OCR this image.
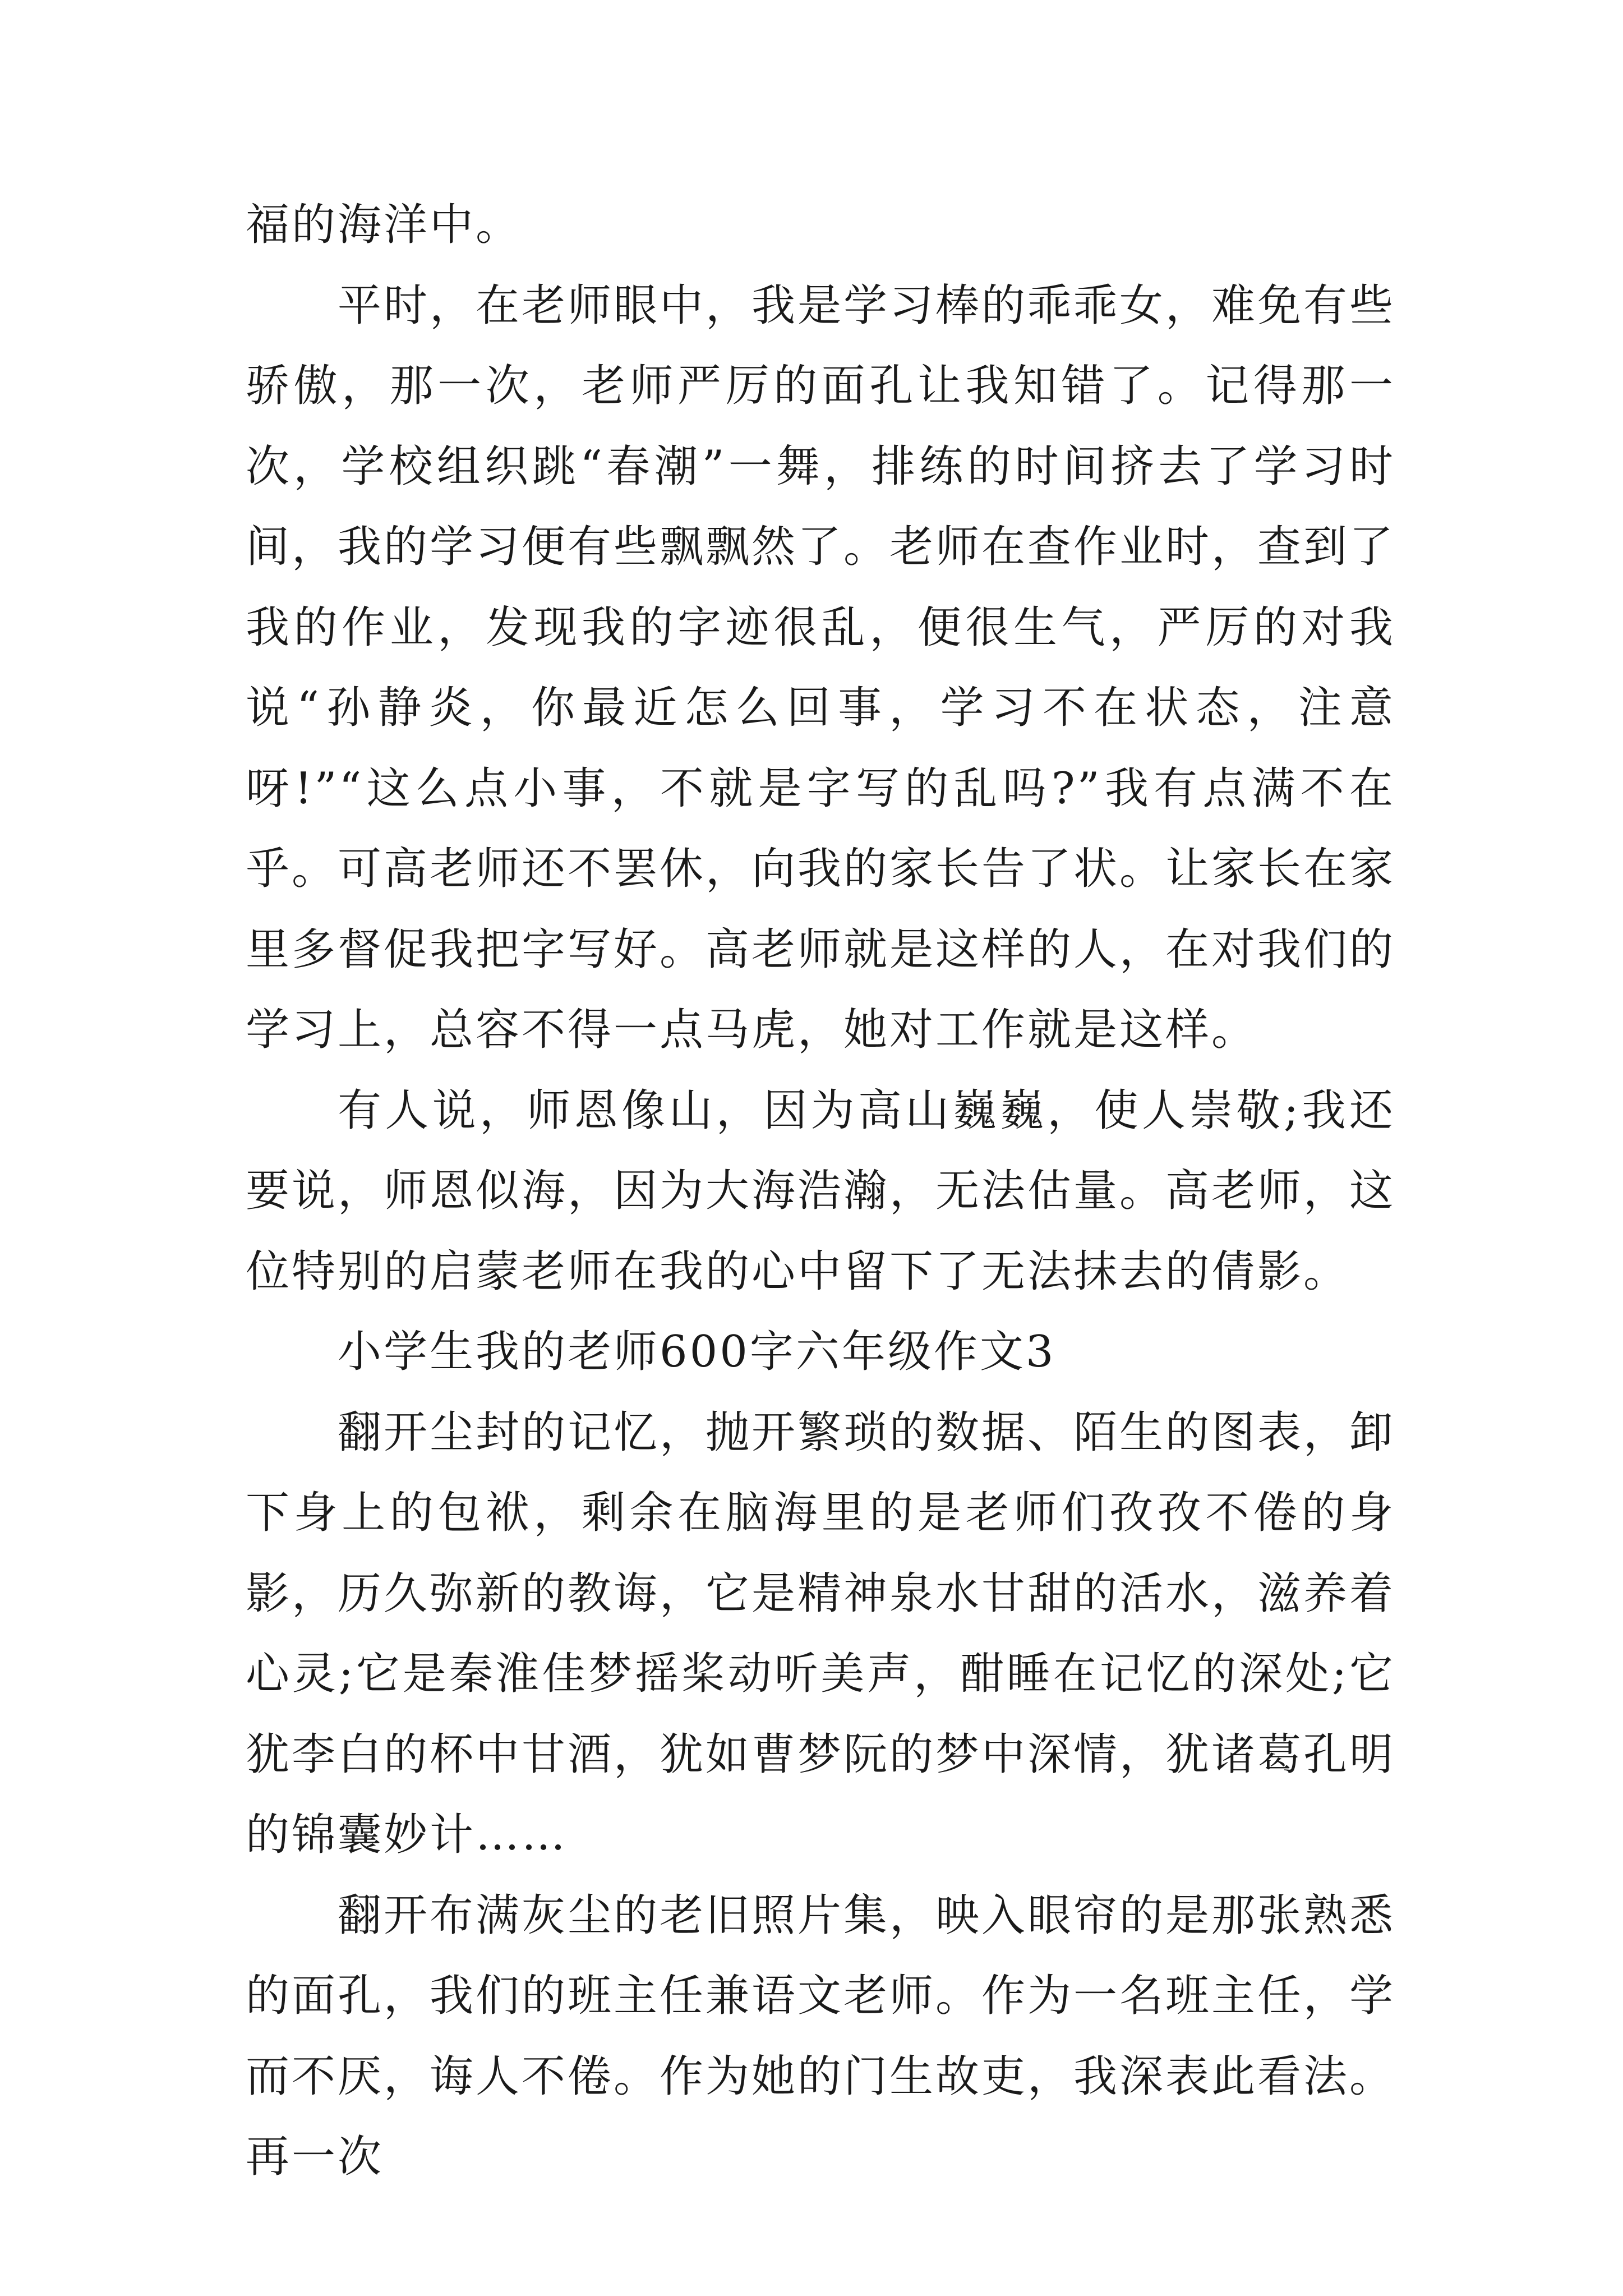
福的海洋中。

平时，在老师眼中，我是学习棒的乖乖女，难免有些骄傲，那一次，老师严厉的面孔让我知错了。记得那一次，学校组织跳“春潮”一舞，排练的时间挤去了学习时间，我的学习便有些飘飘然了。老师在查作业时，查到了我的作业，发现我的字迹很乱，便很生气，严厉的对我说“孙静炎，你最近怎么回事，学习不在状态，注意呀!”“这么点小事，不就是字写的乱吗?”我有点满不在乎。可高老师还不罢休，向我的家长告了状。让家长在家里多督促我把字写好。高老师就是这样的人，在对我们的学习上，总容不得一点马虎，她对工作就是这样。

有人说，师恩像山，因为高山巍巍，使人崇敬;我还要说，师恩似海，因为大海浩瀚，无法估量。高老师，这位特别的启蒙老师在我的心中留下了无法抹去的倩影。

小学生我的老师600字六年级作文3

翻开尘封的记忆，抛开繁琐的数据、陌生的图表，卸下身上的包袱，剩余在脑海里的是老师们孜孜不倦的身影，历久弥新的教诲，它是精神泉水甘甜的活水，滋养着心灵;它是秦淮佳梦摇桨动听美声，酣睡在记忆的深处;它犹李白的杯中甘酒，犹如曹梦阮的梦中深情，犹诸葛孔明的锦囊妙计……

翻开布满灰尘的老旧照片集，映入眼帘的是那张熟悉的面孔，我们的班主任兼语文老师。作为一名班主任，学而不厌，诲人不倦。作为她的门生故吏，我深表此看法。再一次
